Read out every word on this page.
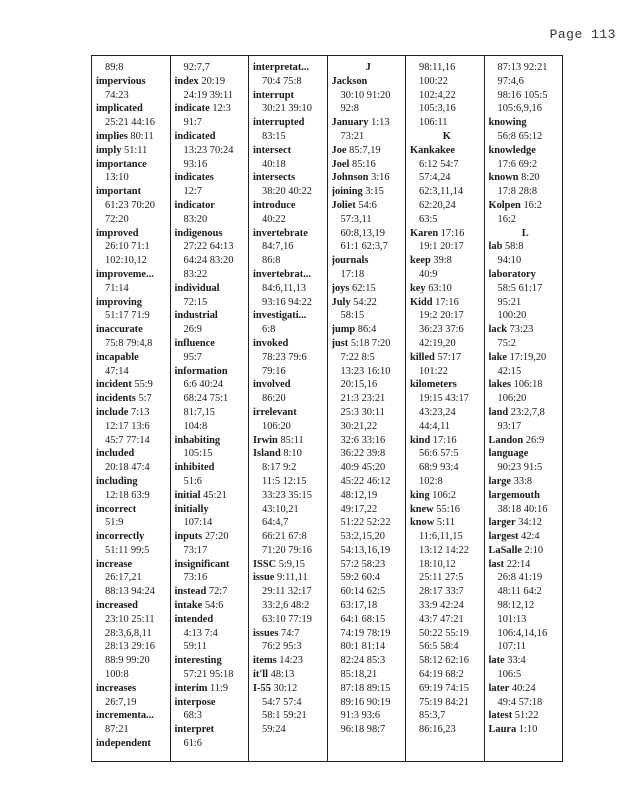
Page 113
89:8
impervious
74:23
implicated
25:21 44:16
implies 80:11
imply 51:11
importance
13:10
important
61:23 70:20
72:20
improved
26:10 71:1
102:10,12
improveme...
71:14
improving
51:17 71:9
inaccurate
75:8 79:4,8
incapable
47:14
incident 55:9
incidents 5:7
include 7:13
12:17 13:6
45:7 77:14
included
20:18 47:4
including
12:18 63:9
incorrect
51:9
incorrectly
51:11 99:5
increase
26:17,21
88:13 94:24
increased
23:10 25:11
28:3,6,8,11
28:13 29:16
88:9 99:20
100:8
increases
26:7,19
incrementa...
87:21
independent
92:7,7
index 20:19
24:19 39:11
indicate 12:3
91:7
indicated
13:23 70:24
93:16
indicates
12:7
indicator
83:20
indigenous
27:22 64:13
64:24 83:20
83:22
individual
72:15
industrial
26:9
influence
95:7
information
6:6 40:24
68:24 75:1
81:7,15
104:8
inhabiting
105:15
inhibited
51:6
initial 45:21
initially
107:14
inputs 27:20
73:17
insignificant
73:16
instead 72:7
intake 54:6
intended
4:13 7:4
59:11
interesting
57:21 95:18
interim 11:9
interpose
68:3
interpret
61:6
interpretat...
70:4 75:8
interrupt
30:21 39:10
interrupted
83:15
intersect
40:18
intersects
38:20 40:22
introduce
40:22
invertebrate
84:7,16
86:8
invertebrat...
84:6,11,13
93:16 94:22
investigati...
6:8
invoked
78:23 79:6
79:16
involved
86:20
irrelevant
106:20
Irwin 85:11
Island 8:10
8:17 9:2
11:5 12:15
33:23 35:15
43:10,21
64:4,7
66:21 67:8
71:20 79:16
ISSC 5:9,15
issue 9:11,11
29:11 32:17
33:2,6 48:2
63:10 77:19
issues 74:7
76:2 95:3
items 14:23
it'll 48:13
I-55 30:12
54:7 57:4
58:1 59:21
59:24
J
Jackson
30:10 91:20
92:8
January 1:13
73:21
Joe 85:7,19
Joel 85:16
Johnson 3:16
joining 3:15
Joliet 54:6
57:3,11
60:8,13,19
61:1 62:3,7
journals
17:18
joys 62:15
July 54:22
58:15
jump 86:4
just 5:18 7:20
7:22 8:5
13:23 16:10
20:15,16
21:3 23:21
25:3 30:11
30:21,22
32:6 33:16
36:22 39:8
40:9 45:20
45:22 46:12
48:12,19
49:17,22
51:22 52:22
53:2,15,20
54:13,16,19
57:2 58:23
59:2 60:4
60:14 62:5
63:17,18
64:1 68:15
74:19 78:19
80:1 81:14
82:24 85:3
85:18,21
87:18 89:15
89:16 90:19
91:3 93:6
96:18 98:7
98:11,16
100:22
102:4,22
105:3,16
106:11
K
Kankakee
6:12 54:7
57:4,24
62:3,11,14
62:20,24
63:5
Karen 17:16
19:1 20:17
keep 39:8
40:9
key 63:10
Kidd 17:16
19:2 20:17
36:23 37:6
42:19,20
killed 57:17
101:22
kilometers
19:15 43:17
43:23,24
44:4,11
kind 17:16
56:6 57:5
68:9 93:4
102:8
king 106:2
knew 55:16
know 5:11
11:6,11,15
13:12 14:22
18:10,12
25:11 27:5
28:17 33:7
33:9 42:24
43:7 47:21
50:22 55:19
56:5 58:4
58:12 62:16
64:19 68:2
69:19 74:15
75:19 84:21
85:3,7
86:16,23
87:13 92:21
97:4,6
98:16 105:5
105:6,9,16
knowing
56:8 65:12
knowledge
17:6 69:2
known 8:20
17:8 28:8
Kolpen 16:2
16:2
L
lab 58:8
94:10
laboratory
58:5 61:17
95:21
100:20
lack 73:23
75:2
lake 17:19,20
42:15
lakes 106:18
106:20
land 23:2,7,8
93:17
Landon 26:9
language
90:23 91:5
large 33:8
largemouth
38:18 40:16
larger 34:12
largest 42:4
LaSalle 2:10
last 22:14
26:8 41:19
48:11 64:2
98:12,12
101:13
106:4,14,16
107:11
late 33:4
106:5
later 40:24
49:4 57:18
latest 51:22
Laura 1:10
